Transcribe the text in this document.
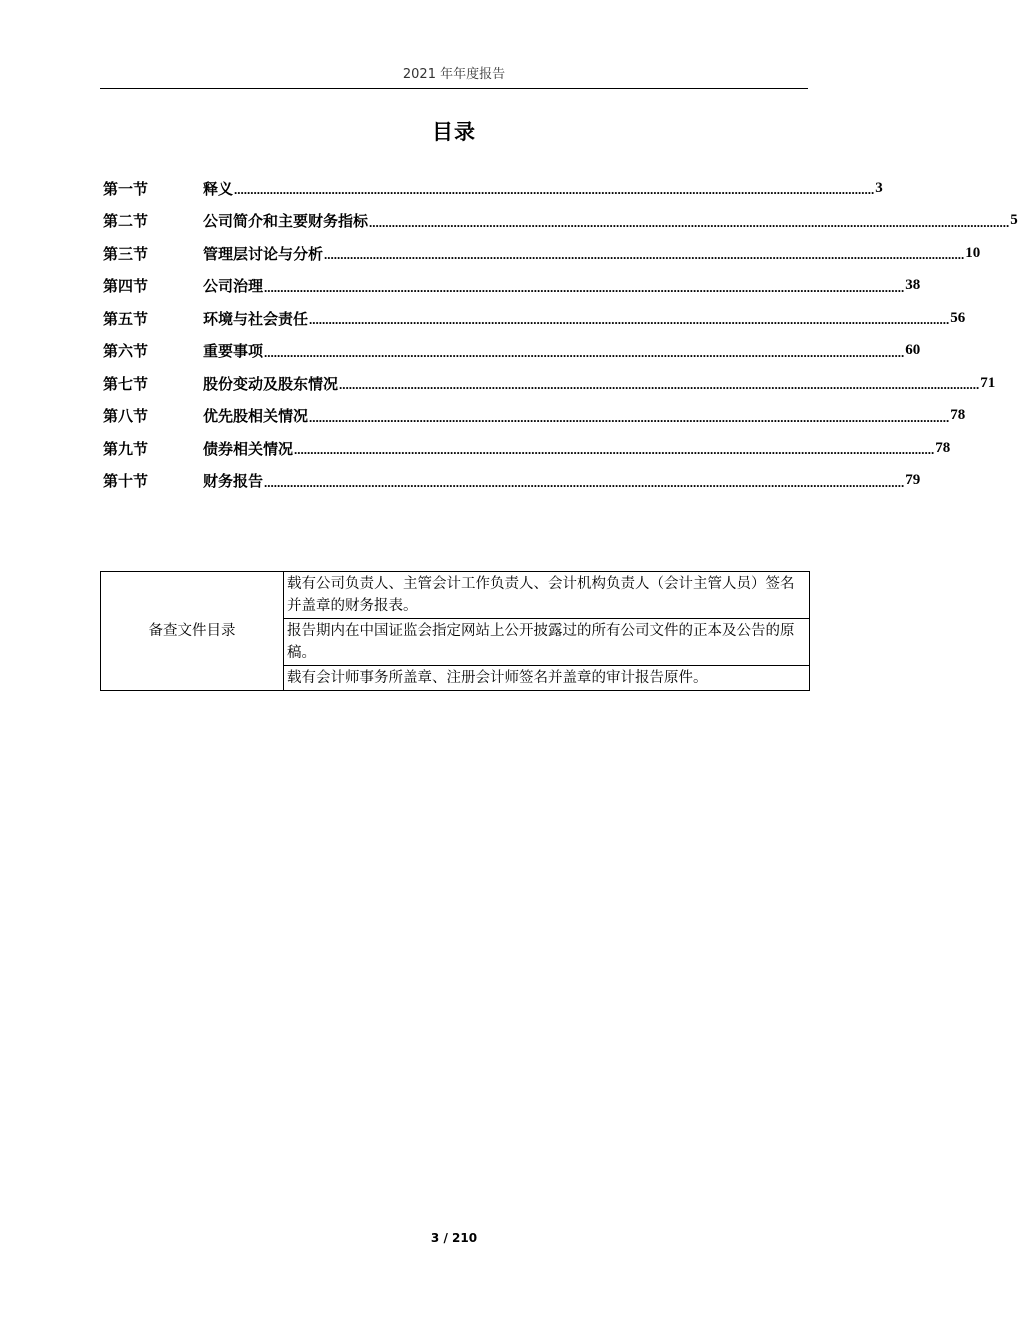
2021 年年度报告
目录
第一节	释义 ..................................................................................................................................................................................................... 3
第二节	公司简介和主要财务指标 ..................................................................................................................................................................................................... 5
第三节	管理层讨论与分析 ..................................................................................................................................................................................................... 10
第四节	公司治理 ..................................................................................................................................................................................................... 38
第五节	环境与社会责任 ..................................................................................................................................................................................................... 56
第六节	重要事项 ..................................................................................................................................................................................................... 60
第七节	股份变动及股东情况 ..................................................................................................................................................................................................... 71
第八节	优先股相关情况 ..................................................................................................................................................................................................... 78
第九节	债券相关情况 ..................................................................................................................................................................................................... 78
第十节	财务报告 ..................................................................................................................................................................................................... 79
备查文件目录	载有公司负责人、主管会计工作负责人、会计机构负责人（会计主管人员）签名并盖章的财务报表。
报告期内在中国证监会指定网站上公开披露过的所有公司文件的正本及公告的原稿。
载有会计师事务所盖章、注册会计师签名并盖章的审计报告原件。
3 / 210
